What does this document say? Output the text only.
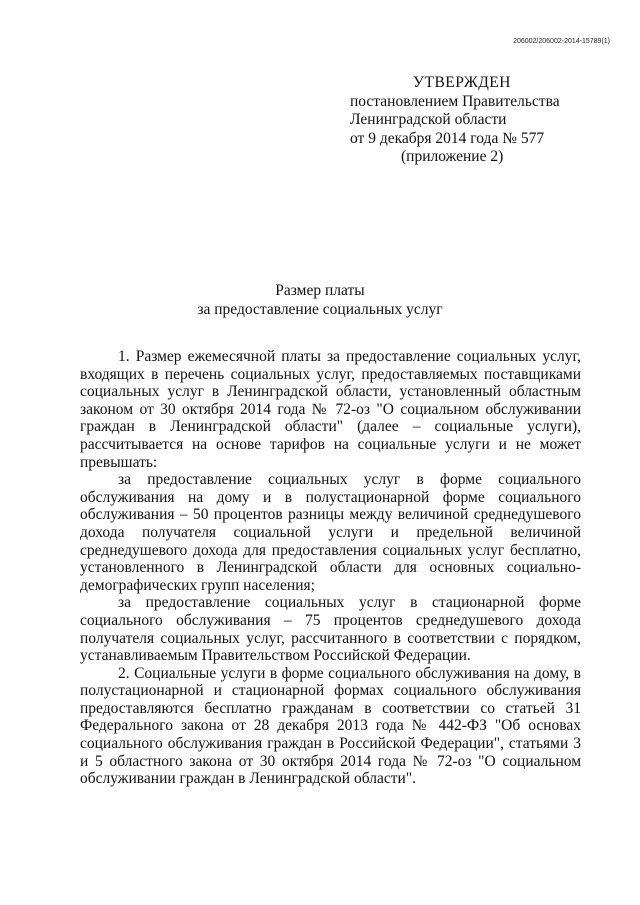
206002/206002-2014-15789(1)
УТВЕРЖДЕН
постановлением Правительства
Ленинградской области
от 9 декабря 2014 года № 577
(приложение 2)
Размер платы
за предоставление социальных услуг

1. Размер ежемесячной платы за предоставление социальных услуг, входящих в перечень социальных услуг, предоставляемых поставщиками социальных услуг в Ленинградской области, установленный областным законом от 30 октября 2014 года № 72-оз "О социальном обслуживании граждан в Ленинградской области" (далее – социальные услуги), рассчитывается на основе тарифов на социальные услуги и не может превышать:

за предоставление социальных услуг в форме социального обслуживания на дому и в полустационарной форме социального обслуживания – 50 процентов разницы между величиной среднедушевого дохода получателя социальной услуги и предельной величиной среднедушевого дохода для предоставления социальных услуг бесплатно, установленного в Ленинградской области для основных социально-демографических групп населения;

за предоставление социальных услуг в стационарной форме социального обслуживания – 75 процентов среднедушевого дохода получателя социальных услуг, рассчитанного в соответствии с порядком, устанавливаемым Правительством Российской Федерации.

2. Социальные услуги в форме социального обслуживания на дому, в полустационарной и стационарной формах социального обслуживания предоставляются бесплатно гражданам в соответствии со статьей 31 Федерального закона от 28 декабря 2013 года № 442-ФЗ "Об основах социального обслуживания граждан в Российской Федерации", статьями 3 и 5 областного закона от 30 октября 2014 года № 72-оз "О социальном обслуживании граждан в Ленинградской области".
